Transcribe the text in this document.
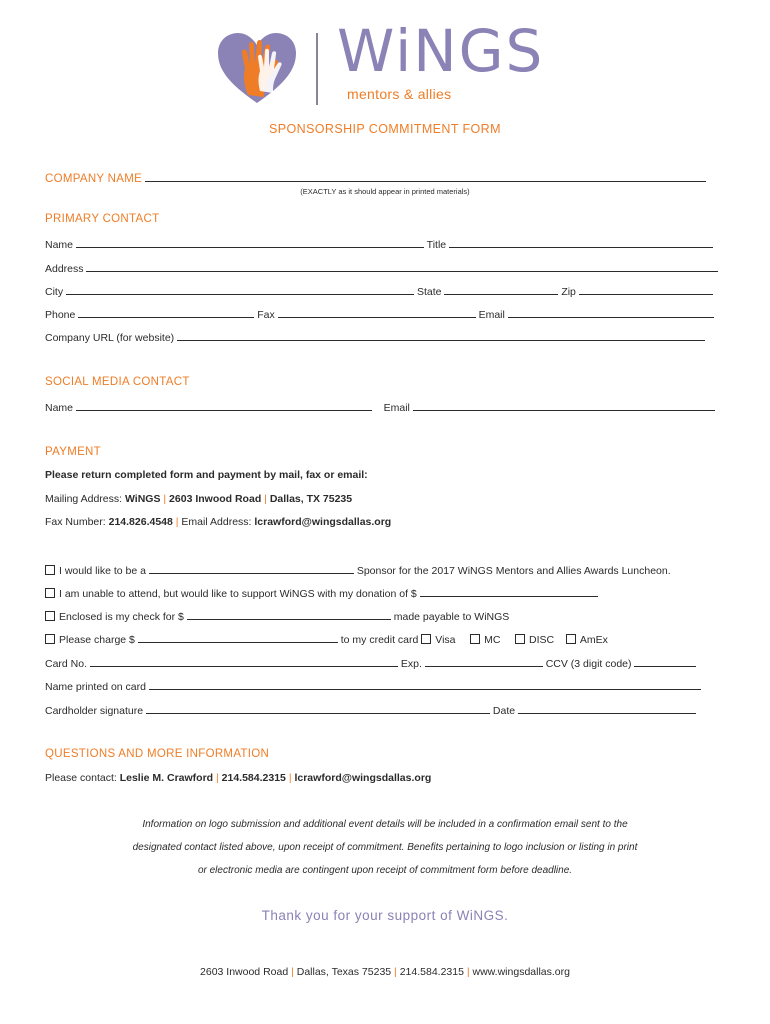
WiNGS
mentors & allies
SPONSORSHIP COMMITMENT FORM
COMPANY NAME
(EXACTLY as it should appear in printed materials)
PRIMARY CONTACT
Name	Title
Address
City	State	Zip
Phone	Fax	Email
Company URL (for website)
SOCIAL MEDIA CONTACT
Name	Email
PAYMENT
Please return completed form and payment by mail, fax or email:
Mailing Address: WiNGS | 2603 Inwood Road | Dallas, TX 75235
Fax Number: 214.826.4548 | Email Address: lcrawford@wingsdallas.org
I would like to be a	Sponsor for the 2017 WiNGS Mentors and Allies Awards Luncheon.
I am unable to attend, but would like to support WiNGS with my donation of $
Enclosed is my check for $	made payable to WiNGS
Please charge $	to my credit card Visa	MC	DISC AmEx
Card No.	Exp.	CCV (3 digit code)
Name printed on card
Cardholder signature	Date
QUESTIONS AND MORE INFORMATION
Please contact: Leslie M. Crawford | 214.584.2315 | lcrawford@wingsdallas.org
Information on logo submission and additional event details will be included in a confirmation email sent to the
designated contact listed above, upon receipt of commitment. Benefits pertaining to logo inclusion or listing in print
or electronic media are contingent upon receipt of commitment form before deadline.
Thank you for your support of WiNGS.
2603 Inwood Road | Dallas, Texas 75235 | 214.584.2315 | www.wingsdallas.org
